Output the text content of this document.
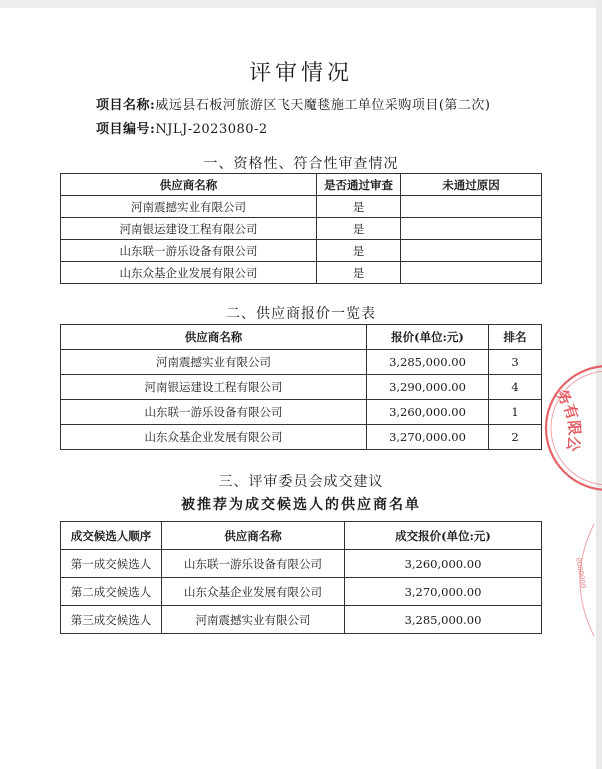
评审情况
项目名称:威远县石板河旅游区飞天魔毯施工单位采购项目(第二次)
项目编号:NJLJ-2023080-2
一、资格性、符合性审查情况
供应商名称	是否通过审查	未通过原因
河南震撼实业有限公司	是	
河南银运建设工程有限公司	是	
山东联一游乐设备有限公司	是	
山东众基企业发展有限公司	是	
二、供应商报价一览表
供应商名称	报价(单位:元)	排名
河南震撼实业有限公司	3,285,000.00	3
河南银运建设工程有限公司	3,290,000.00	4
山东联一游乐设备有限公司	3,260,000.00	1
山东众基企业发展有限公司	3,270,000.00	2
三、评审委员会成交建议
被推荐为成交候选人的供应商名单
成交候选人顺序	供应商名称	成交报价(单位:元)
第一成交候选人	山东联一游乐设备有限公司	3,260,000.00
第二成交候选人	山东众基企业发展有限公司	3,270,000.00
第三成交候选人	河南震撼实业有限公司	3,285,000.00
务有限公
0000000
